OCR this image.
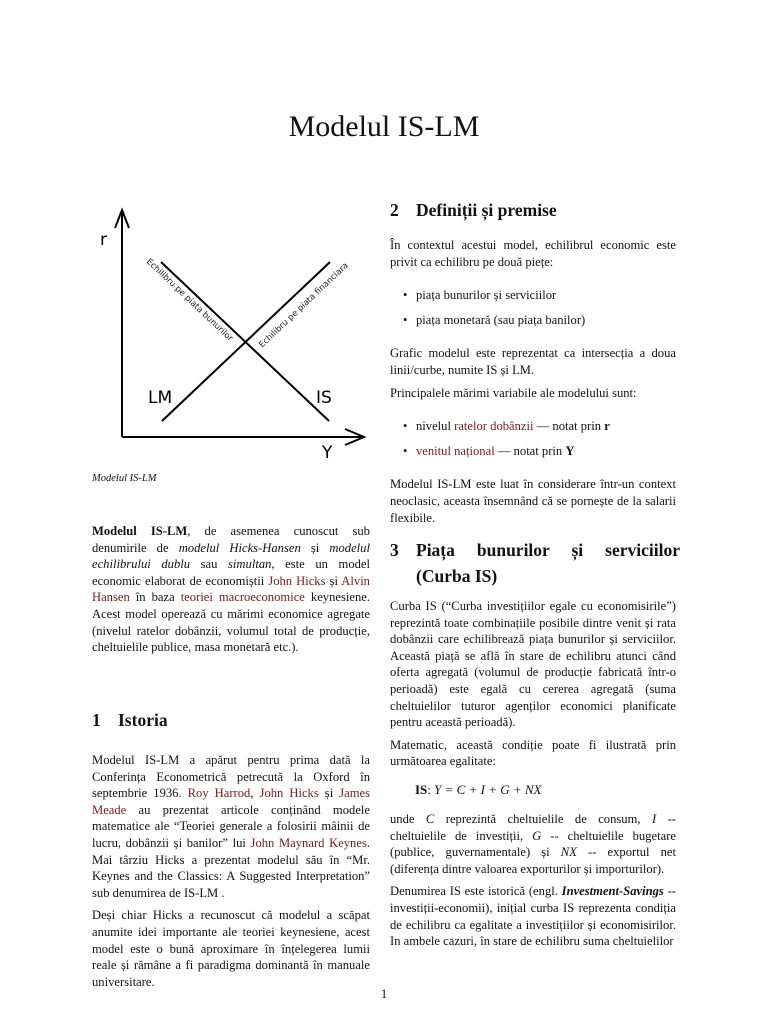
Modelul IS-LM
r
Y
LM	IS
Echilibru pe piata bunurilor	Echilibru pe piata financiara
Modelul IS-LM
Modelul IS-LM, de asemenea cunoscut sub denumirile de modelul Hicks-Hansen și modelul echilibrului dublu sau simultan, este un model economic elaborat de economiștii John Hicks și Alvin Hansen în baza teoriei macroeconomice keynesiene. Acest model operează cu mărimi economice agregate (nivelul ratelor dobânzii, volumul total de producție, cheltuielile publice, masa monetară etc.).
1 Istoria

Modelul IS-LM a apărut pentru prima dată la Conferința Econometrică petrecută la Oxford în septembrie 1936. Roy Harrod, John Hicks și James Meade au prezentat articole conținând modele matematice ale “Teoriei generale a folosirii mâinii de lucru, dobânzii și banilor” lui John Maynard Keynes. Mai târziu Hicks a prezentat modelul său în “Mr. Keynes and the Classics: A Suggested Interpretation” sub denumirea de IS-LM .

Deși chiar Hicks a recunoscut că modelul a scăpat anumite idei importante ale teoriei keynesiene, acest model este o bună aproximare în înțelegerea lumii reale și rămâne a fi paradigma dominantă în manuale universitare.

2 Definiții și premise

În contextul acestui model, echilibrul economic este privit ca echilibru pe două piețe:

• piața bunurilor și serviciilor
• piața monetară (sau piața banilor)

Grafic modelul este reprezentat ca intersecția a doua linii/curbe, numite IS și LM.

Principalele mărimi variabile ale modelului sunt:

• nivelul ratelor dobânzii — notat prin r
• venitul național — notat prin Y

Modelul IS-LM este luat în considerare într-un context neoclasic, aceasta însemnând că se pornește de la salarii flexibile.

3 Piața bunurilor și serviciilor (Curba IS)

Curba IS (“Curba investițiilor egale cu economisirile”) reprezintă toate combinațiile posibile dintre venit și rata dobânzii care echilibrează piața bunurilor și serviciilor. Această piață se află în stare de echilibru atunci când oferta agregată (volumul de producție fabricată într-o perioadă) este egală cu cererea agregată (suma cheltuielilor tuturor agenților economici planificate pentru această perioadă).

Matematic, această condiție poate fi ilustrată prin următoarea egalitate:

IS: Y = C + I + G + NX

unde C reprezintă cheltuielile de consum, I -- cheltuielile de investiții, G -- cheltuielile bugetare (publice, guvernamentale) și NX -- exportul net (diferența dintre valoarea exporturilor și importurilor).

Denumirea IS este istorică (engl. Investment-Savings -- investiții-economii), inițial curba IS reprezenta condiția de echilibru ca egalitate a investițiilor și economisirilor. In ambele cazuri, în stare de echilibru suma cheltuielilor

1
